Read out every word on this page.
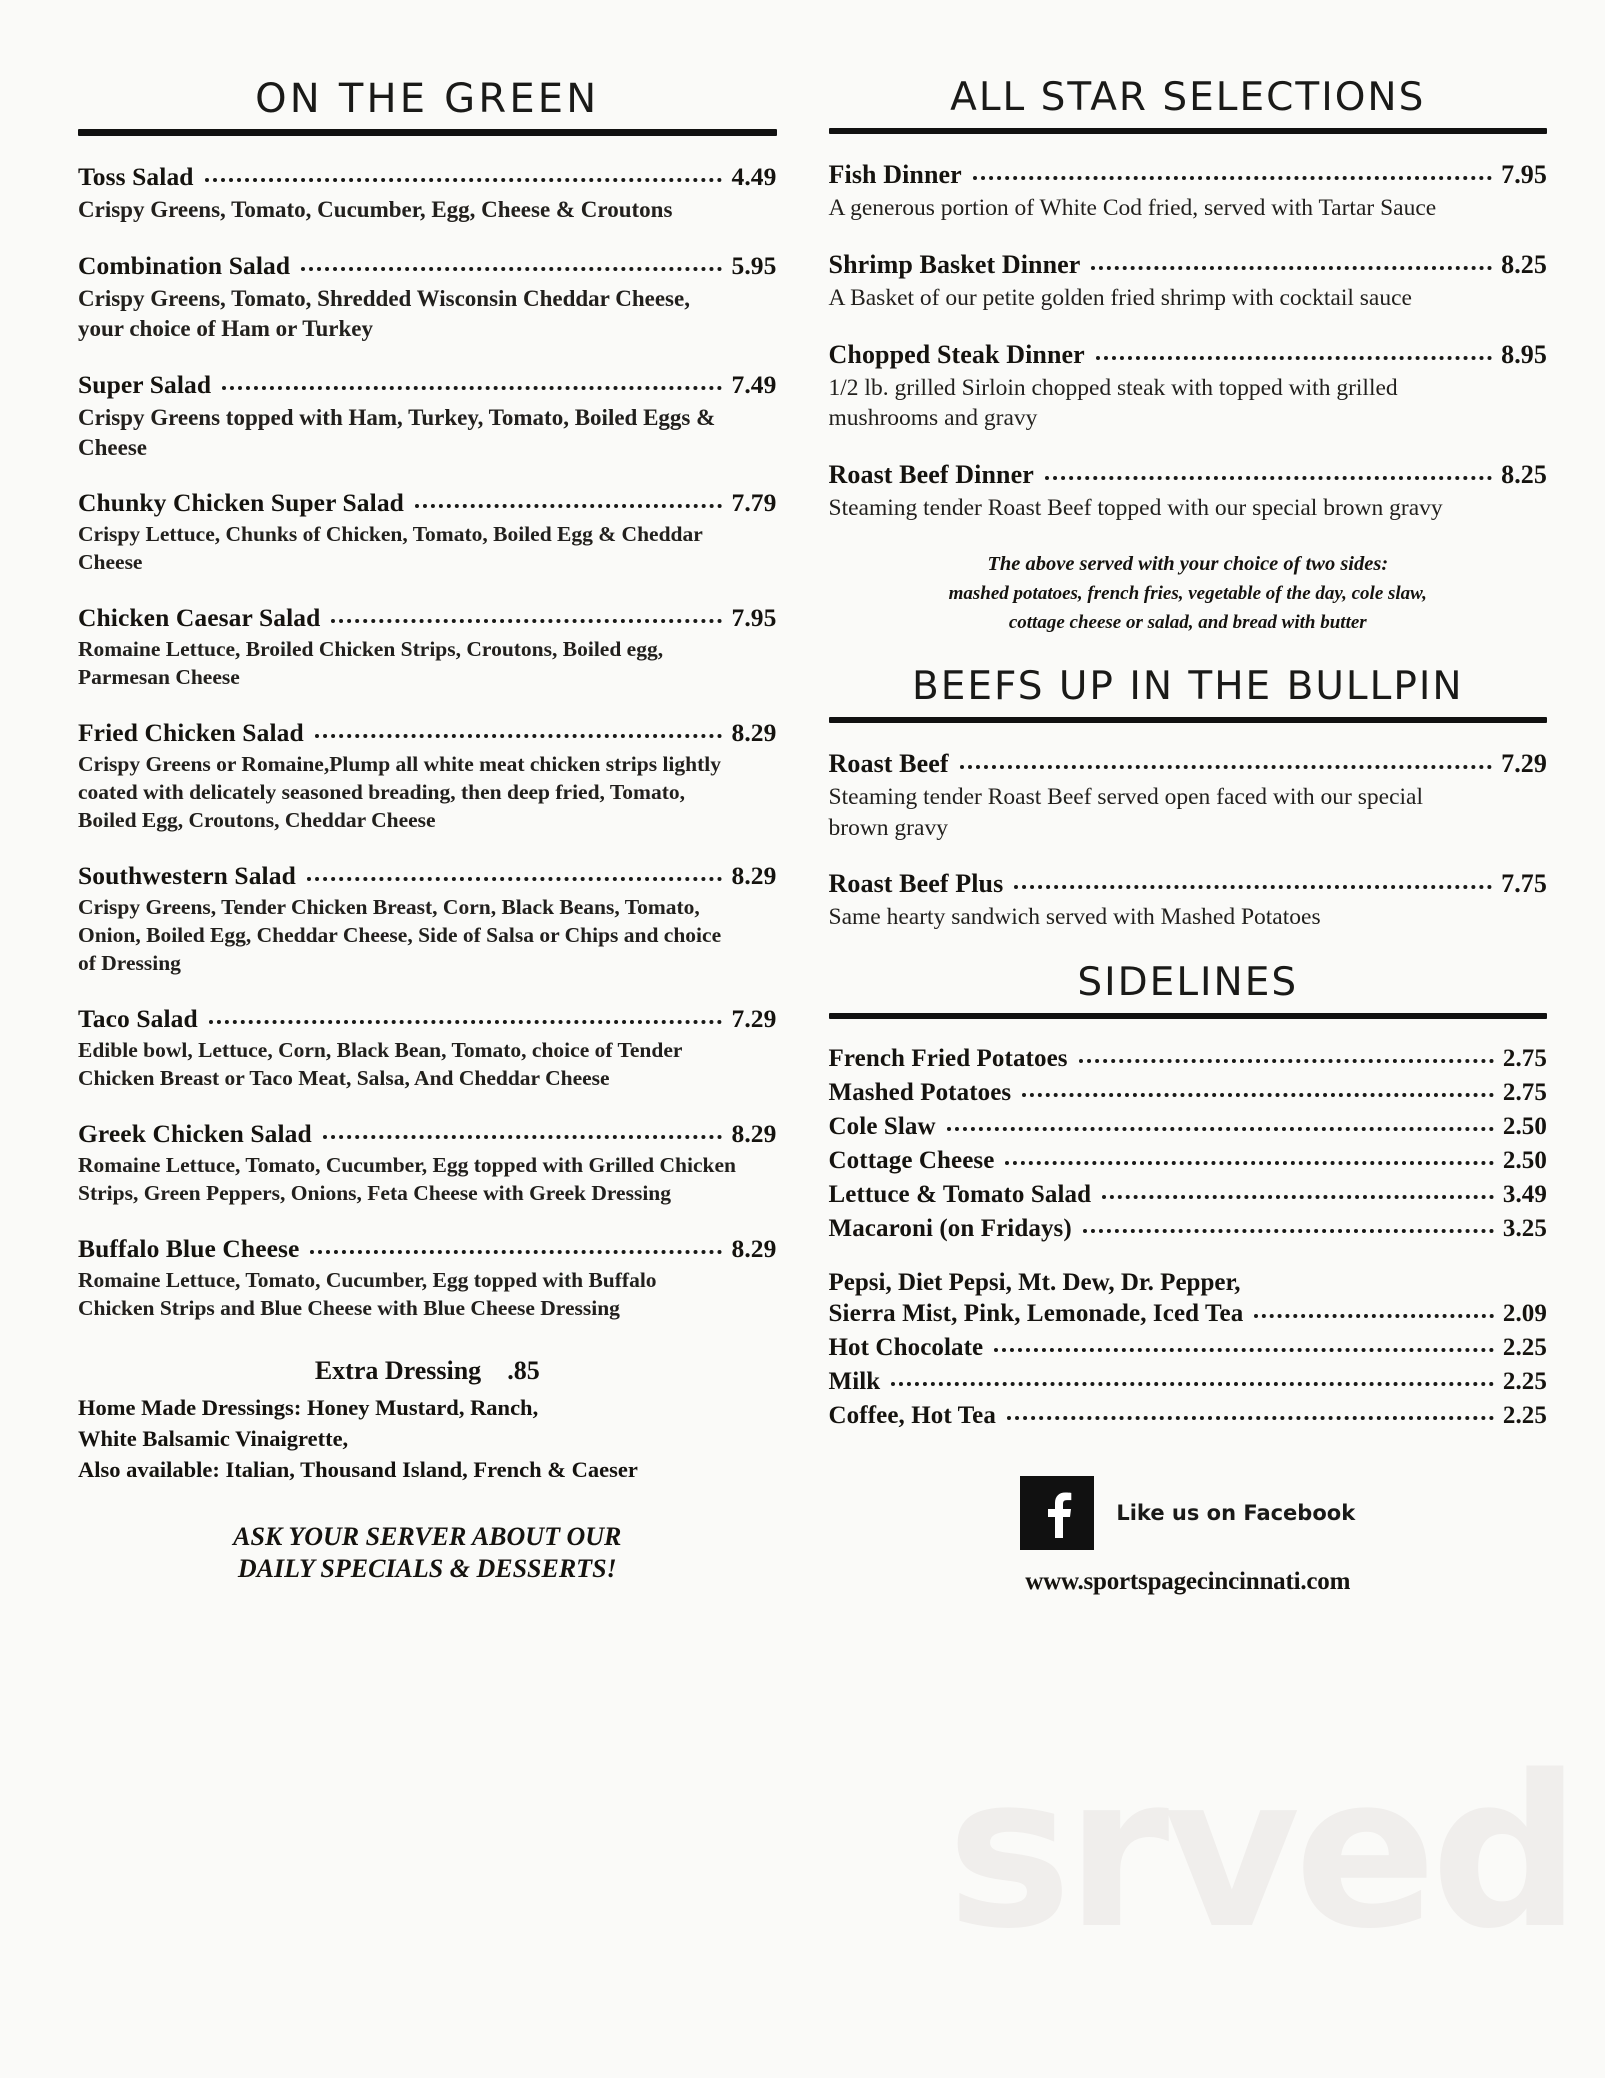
srved
ON THE GREEN
Toss Salad	4.49
Crispy Greens, Tomato, Cucumber, Egg, Cheese & Croutons
Combination Salad	5.95
Crispy Greens, Tomato, Shredded Wisconsin Cheddar Cheese, your choice of Ham or Turkey
Super Salad	7.49
Crispy Greens topped with Ham, Turkey, Tomato, Boiled Eggs & Cheese
Chunky Chicken Super Salad	7.79
Crispy Lettuce, Chunks of Chicken, Tomato, Boiled Egg & Cheddar Cheese
Chicken Caesar Salad	7.95
Romaine Lettuce, Broiled Chicken Strips, Croutons, Boiled egg, Parmesan Cheese
Fried Chicken Salad	8.29
Crispy Greens or Romaine,Plump all white meat chicken strips lightly coated with delicately seasoned breading, then deep fried, Tomato, Boiled Egg, Croutons, Cheddar Cheese
Southwestern Salad	8.29
Crispy Greens, Tender Chicken Breast, Corn, Black Beans, Tomato, Onion, Boiled Egg, Cheddar Cheese, Side of Salsa or Chips and choice of Dressing
Taco Salad	7.29
Edible bowl, Lettuce, Corn, Black Bean, Tomato, choice of Tender Chicken Breast or Taco Meat, Salsa, And Cheddar Cheese
Greek Chicken Salad	8.29
Romaine Lettuce, Tomato, Cucumber, Egg topped with Grilled Chicken Strips, Green Peppers, Onions, Feta Cheese with Greek Dressing
Buffalo Blue Cheese	8.29
Romaine Lettuce, Tomato, Cucumber, Egg topped with Buffalo Chicken Strips and Blue Cheese with Blue Cheese Dressing
Extra Dressing .85
Home Made Dressings: Honey Mustard, Ranch,
White Balsamic Vinaigrette,
Also available: Italian, Thousand Island, French & Caeser
ASK YOUR SERVER ABOUT OUR
DAILY SPECIALS & DESSERTS!
ALL STAR SELECTIONS
Fish Dinner	7.95
A generous portion of White Cod fried, served with Tartar Sauce
Shrimp Basket Dinner	8.25
A Basket of our petite golden fried shrimp with cocktail sauce
Chopped Steak Dinner	8.95
1/2 lb. grilled Sirloin chopped steak with topped with grilled mushrooms and gravy
Roast Beef Dinner	8.25
Steaming tender Roast Beef topped with our special brown gravy
The above served with your choice of two sides:
mashed potatoes, french fries, vegetable of the day, cole slaw,
cottage cheese or salad, and bread with butter
BEEFS UP IN THE BULLPIN
Roast Beef	7.29
Steaming tender Roast Beef served open faced with our special brown gravy
Roast Beef Plus	7.75
Same hearty sandwich served with Mashed Potatoes
SIDELINES
French Fried Potatoes	2.75
Mashed Potatoes	2.75
Cole Slaw	2.50
Cottage Cheese	2.50
Lettuce & Tomato Salad	3.49
Macaroni (on Fridays)	3.25
Pepsi, Diet Pepsi, Mt. Dew, Dr. Pepper,
Sierra Mist, Pink, Lemonade, Iced Tea	2.09
Hot Chocolate	2.25
Milk	2.25
Coffee, Hot Tea	2.25
Like us on Facebook
www.sportspagecincinnati.com
